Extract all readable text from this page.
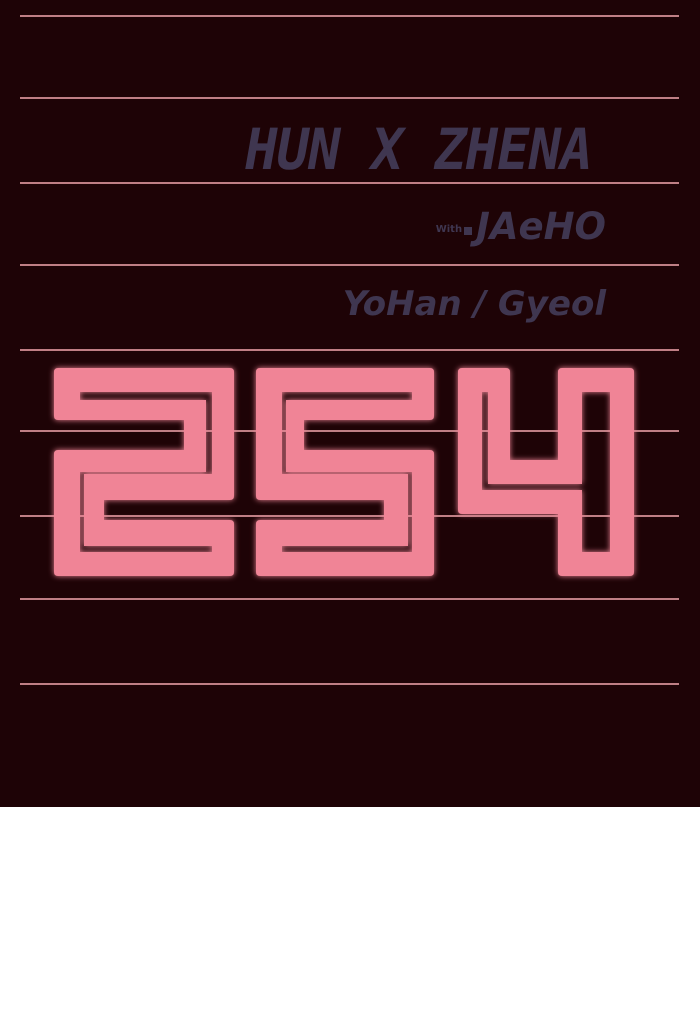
HUN X ZHENA
With JAeHO
YoHan / Gyeol
